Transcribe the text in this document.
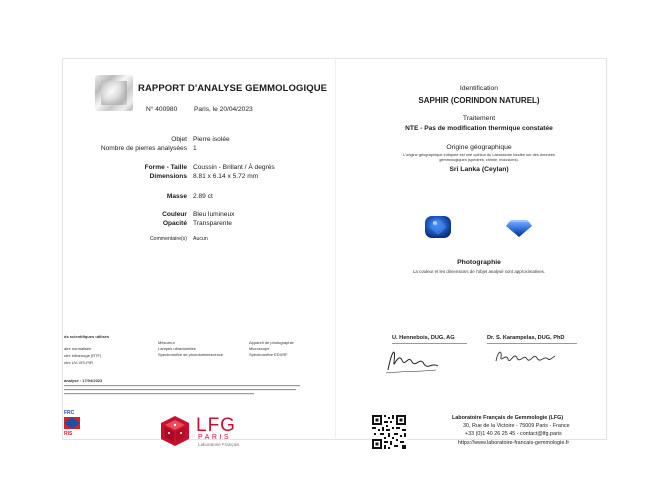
RAPPORT D'ANALYSE GEMMOLOGIQUE
N° 400980	Paris, le 20/04/2023
Objet Pierre isolée
Nombre de pierres analysées 1
Forme - Taille Coussin - Brillant / À degrés
Dimensions 8.81 x 6.14 x 5.72 mm
Masse 2.89 ct
Couleur Bleu lumineux
Opacité Transparente
Commentaire(s) Aucun
ds scientifiques utilisés
aire normalisée
ctre infrarouge (RTF)
ctre UV-VIS-PIR
Mesureur
Lampes ultraviolettes
Spectromètre de photoluminescence
Appareil de photographie
Microscope
Spectromètre EDXRF
analyse : 17/04/2023
FRC
RIS	LFG
PARIS
Laboratoire Français
Identification
SAPHIR (CORINDON NATUREL)
Traitement
NTE - Pas de modification thermique constatée
Origine géographique
L'origine géographique indiquée est une opinion du Laboratoire fondée sur des données gemmologiques (spectres, chimie, inclusions).
Sri Lanka (Ceylan)
Photographie
La couleur et les dimensions de l'objet analysé sont approximatives.
U. Hennebois, DUG, AG	Dr. S. Karampelas, DUG, PhD
Laboratoire Français de Gemmologie (LFG)
30, Rue de la Victoire - 75009 Paris - France
+33 (0)1 40 26 25 45 - contact@lfg.paris
https://www.laboratoire-francais-gemmologie.fr
